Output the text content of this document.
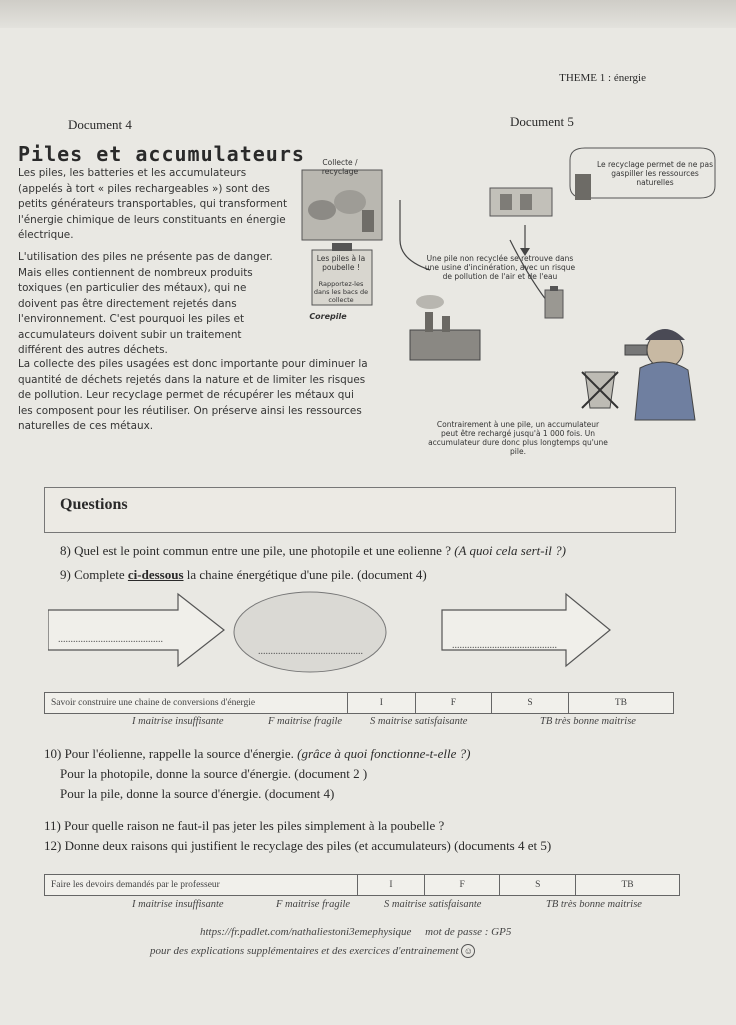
THEME 1 : énergie
Document 4	Document 5
Piles et accumulateurs
Les piles, les batteries et les accumulateurs (appelés à tort « piles rechargeables ») sont des petits générateurs transportables, qui transforment l'énergie chimique de leurs constituants en énergie électrique.
L'utilisation des piles ne présente pas de danger. Mais elles contiennent de nombreux produits toxiques (en particulier des métaux), qui ne doivent pas être directement rejetés dans l'environnement. C'est pourquoi les piles et accumulateurs doivent subir un traitement différent des autres déchets.
La collecte des piles usagées est donc importante pour diminuer la quantité de déchets rejetés dans la nature et de limiter les risques de pollution. Leur recyclage permet de récupérer les métaux qui les composent pour les réutiliser. On préserve ainsi les ressources naturelles de ces métaux.
Collecte / recyclage
Les piles à la poubelle !
Rapportez-les dans les bacs de collecte
Corepile
Le recyclage permet de ne pas gaspiller les ressources naturelles
Une pile non recyclée se retrouve dans une usine d'incinération, avec un risque de pollution de l'air et de l'eau
Contrairement à une pile, un accumulateur peut être rechargé jusqu'à 1 000 fois. Un accumulateur dure donc plus longtemps qu'une pile.
Questions
8) Quel est le point commun entre une pile, une photopile et une eolienne ? (A quoi cela sert-il ?)
9) Complete ci-dessous la chaine énergétique d'une pile. (document 4)
..........................................
..........................................
..........................................
Savoir construire une chaine de conversions d'énergie	I	F	S	TB
I maitrise insuffisante	F maitrise fragile	S maitrise satisfaisante	TB très bonne maitrise
10) Pour l'éolienne, rappelle la source d'énergie. (grâce à quoi fonctionne-t-elle ?)
Pour la photopile, donne la source d'énergie. (document 2 )
Pour la pile, donne la source d'énergie. (document 4)
11) Pour quelle raison ne faut-il pas jeter les piles simplement à la poubelle ?
12) Donne deux raisons qui justifient le recyclage des piles (et accumulateurs) (documents 4 et 5)
Faire les devoirs demandés par le professeur	I	F	S	TB
I maitrise insuffisante	F maitrise fragile	S maitrise satisfaisante	TB très bonne maitrise
https://fr.padlet.com/nathaliestoni3emephysique mot de passe : GP5
pour des explications supplémentaires et des exercices d'entrainement ☺
